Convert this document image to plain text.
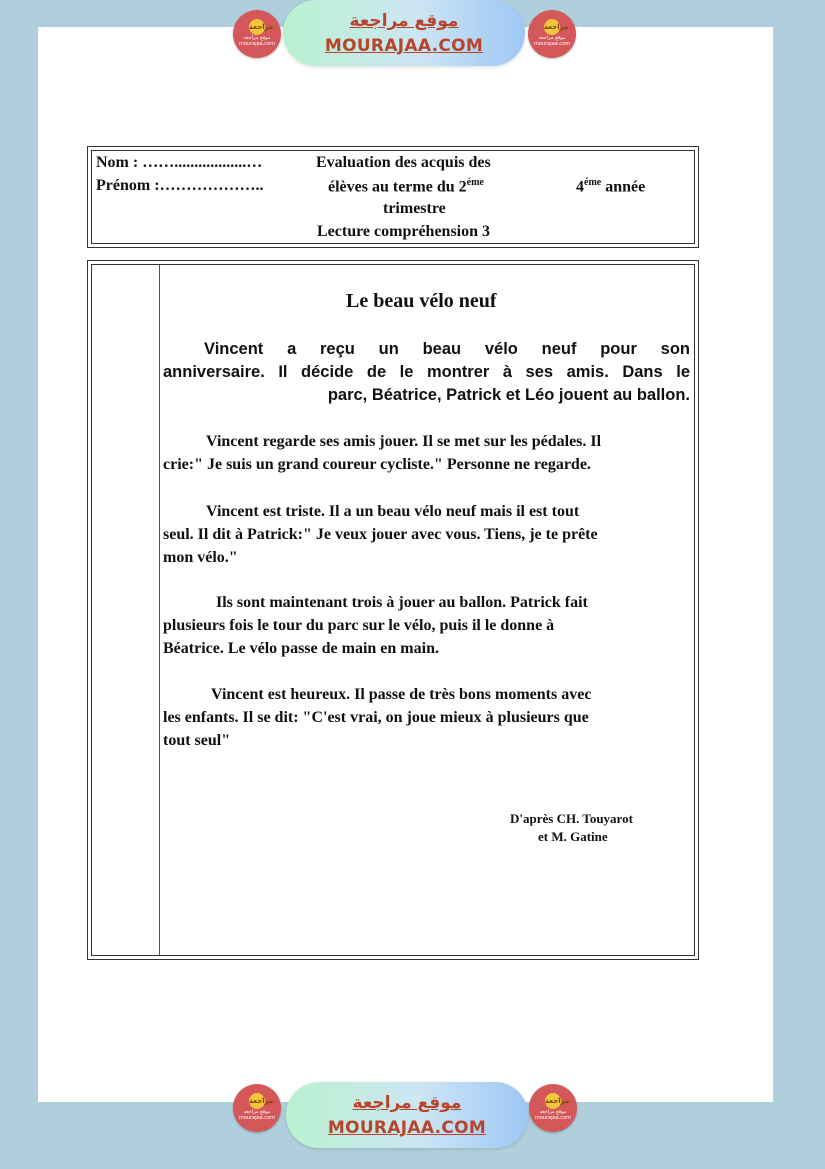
مراجعة
موقع مراجعة
mourajaa.com
موقع مراجعة
MOURAJAA.COM
مراجعة
موقع مراجعة
mourajaa.com
Nom : ……..................…
Prénom :………………..
Evaluation des acquis des
élèves au terme du $2^{éme}$
trimestre
Lecture compréhension 3
$4^{éme}$ année
Le beau vélo neuf
Vincent a reçu un beau vélo neuf pour son
anniversaire. Il décide de le montrer à ses amis. Dans le
parc, Béatrice, Patrick et Léo jouent au ballon.
Vincent regarde ses amis jouer. Il se met sur les pédales. Il
crie:" Je suis un grand coureur cycliste." Personne ne regarde.
Vincent est triste. Il a un beau vélo neuf mais il est tout
seul. Il dit à Patrick:" Je veux jouer avec vous. Tiens, je te prête
mon vélo."
Ils sont maintenant trois à jouer au ballon. Patrick fait
plusieurs fois le tour du parc sur le vélo, puis il le donne à
Béatrice. Le vélo passe de main en main.
Vincent est heureux. Il passe de très bons moments avec
les enfants. Il se dit: "C'est vrai, on joue mieux à plusieurs que
tout seul"
D'après CH. Touyarot
et M. Gatine
مراجعة
موقع مراجعة
mourajaa.com
موقع مراجعة
MOURAJAA.COM
مراجعة
موقع مراجعة
mourajaa.com
